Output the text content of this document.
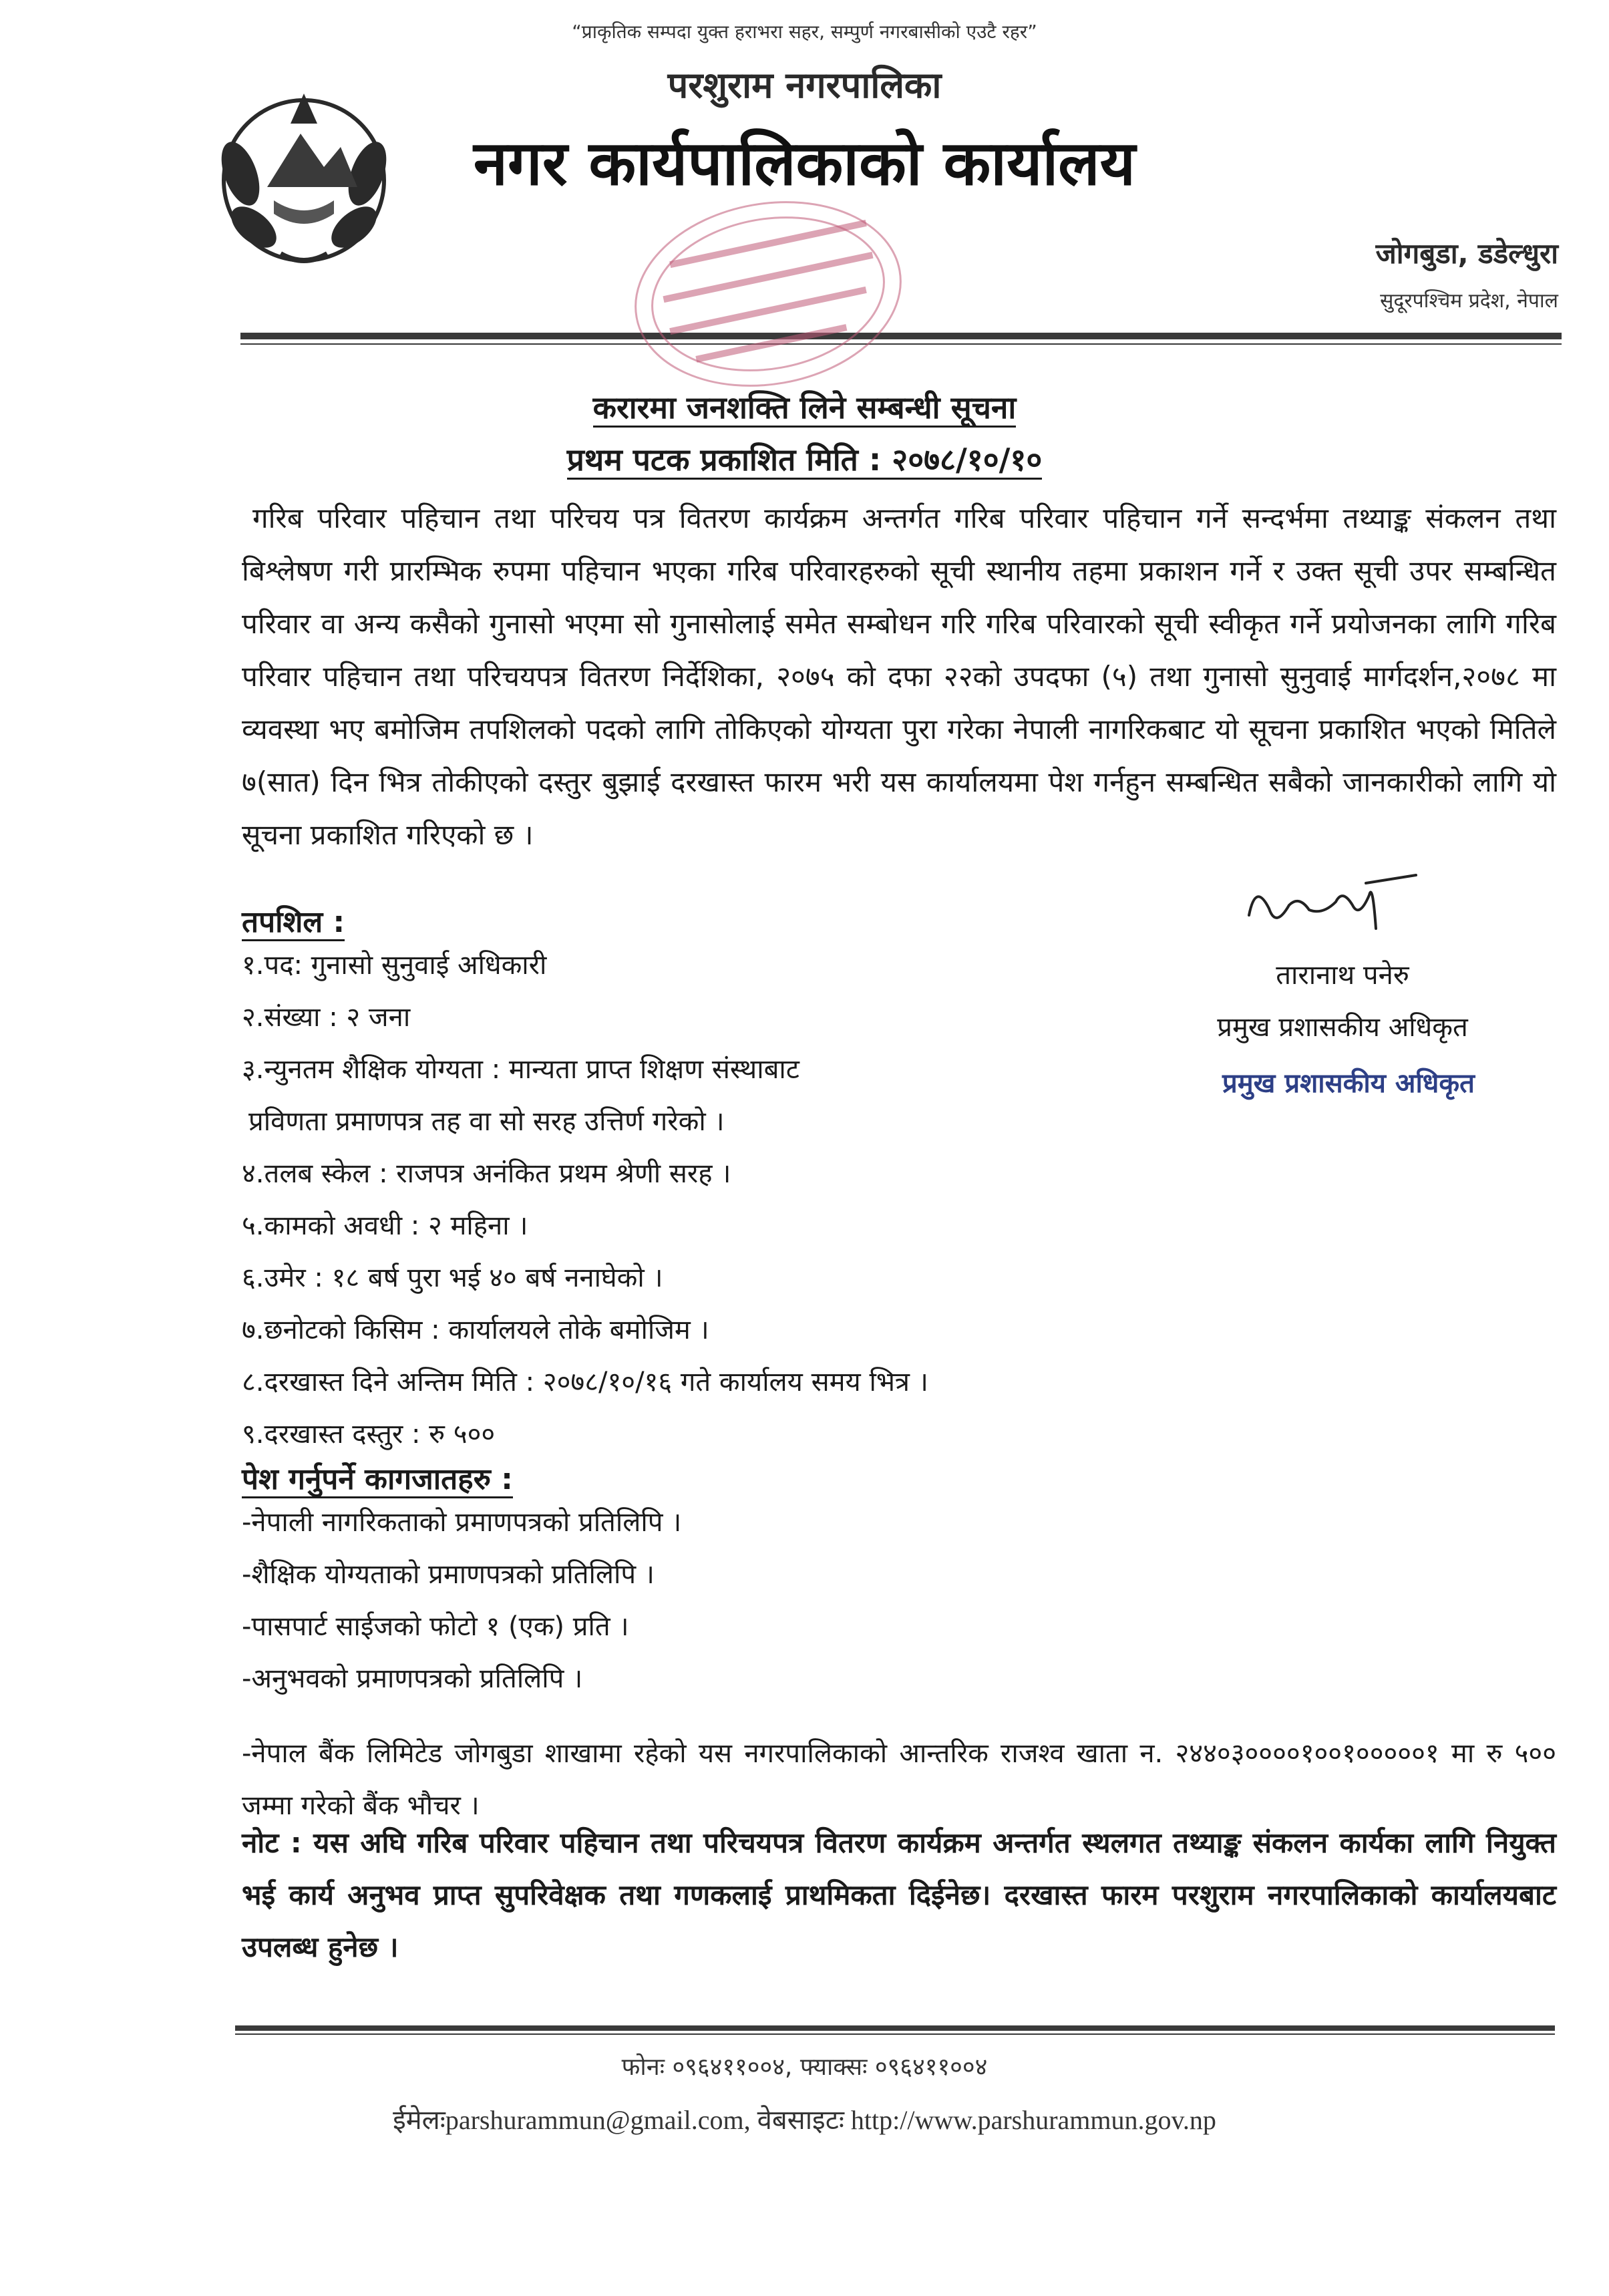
“प्राकृतिक सम्पदा युक्त हराभरा सहर, सम्पुर्ण नगरबासीको एउटै रहर”
परशुराम नगरपालिका
नगर कार्यपालिकाको कार्यालय
जोगबुडा, डडेल्धुरा
सुदूरपश्चिम प्रदेश, नेपाल
करारमा जनशक्ति लिने सम्बन्धी सूचना
प्रथम पटक प्रकाशित मिति : २०७८/१०/१०
गरिब परिवार पहिचान तथा परिचय पत्र वितरण कार्यक्रम अन्तर्गत गरिब परिवार पहिचान गर्ने सन्दर्भमा तथ्याङ्क संकलन तथा बिश्लेषण गरी प्रारम्भिक रुपमा पहिचान भएका गरिब परिवारहरुको सूची स्थानीय तहमा प्रकाशन गर्ने र उक्त सूची उपर सम्बन्धित परिवार वा अन्य कसैको गुनासो भएमा सो गुनासोलाई समेत सम्बोधन गरि गरिब परिवारको सूची स्वीकृत गर्ने प्रयोजनका लागि गरिब परिवार पहिचान तथा परिचयपत्र वितरण निर्देशिका, २०७५ को दफा २२को उपदफा (५) तथा गुनासो सुनुवाई मार्गदर्शन,२०७८ मा व्यवस्था भए बमोजिम तपशिलको पदको लागि तोकिएको योग्यता पुरा गरेका नेपाली नागरिकबाट यो सूचना प्रकाशित भएको मितिले ७(सात) दिन भित्र तोकीएको दस्तुर बुझाई दरखास्त फारम भरी यस कार्यालयमा पेश गर्नहुन सम्बन्धित सबैको जानकारीको लागि यो सूचना प्रकाशित गरिएको छ ।
तपशिल :
१.पद: गुनासो सुनुवाई अधिकारी
२.संख्या : २ जना
३.न्युनतम शैक्षिक योग्यता : मान्यता प्राप्त शिक्षण संस्थाबाट
प्रविणता प्रमाणपत्र तह वा सो सरह उत्तिर्ण गरेको ।
४.तलब स्केल : राजपत्र अनंकित प्रथम श्रेणी सरह ।
५.कामको अवधी : २ महिना ।
६.उमेर : १८ बर्ष पुरा भई ४० बर्ष ननाघेको ।
७.छनोटको किसिम : कार्यालयले तोके बमोजिम ।
८.दरखास्त दिने अन्तिम मिति : २०७८/१०/१६ गते कार्यालय समय भित्र ।
९.दरखास्त दस्तुर : रु ५००
तारानाथ पनेरु
प्रमुख प्रशासकीय अधिकृत
प्रमुख प्रशासकीय अधिकृत
पेश गर्नुपर्ने कागजातहरु :
-नेपाली नागरिकताको प्रमाणपत्रको प्रतिलिपि ।
-शैक्षिक योग्यताको प्रमाणपत्रको प्रतिलिपि ।
-पासपार्ट साईजको फोटो १ (एक) प्रति ।
-अनुभवको प्रमाणपत्रको प्रतिलिपि ।
-नेपाल बैंक लिमिटेड जोगबुडा शाखामा रहेको यस नगरपालिकाको आन्तरिक राजश्व खाता न. २४४०३००००१००१०००००१ मा रु ५०० जम्मा गरेको बैंक भौचर ।
नोट : यस अघि गरिब परिवार पहिचान तथा परिचयपत्र वितरण कार्यक्रम अन्तर्गत स्थलगत तथ्याङ्क संकलन कार्यका लागि नियुक्त भई कार्य अनुभव प्राप्त सुपरिवेक्षक तथा गणकलाई प्राथमिकता दिईनेछ। दरखास्त फारम परशुराम नगरपालिकाको कार्यालयबाट उपलब्ध हुनेछ ।
फोनः ०९६४११००४, फ्याक्सः ०९६४११००४
ईमेलःparshurammun@gmail.com, वेबसाइटः http://www.parshurammun.gov.np
